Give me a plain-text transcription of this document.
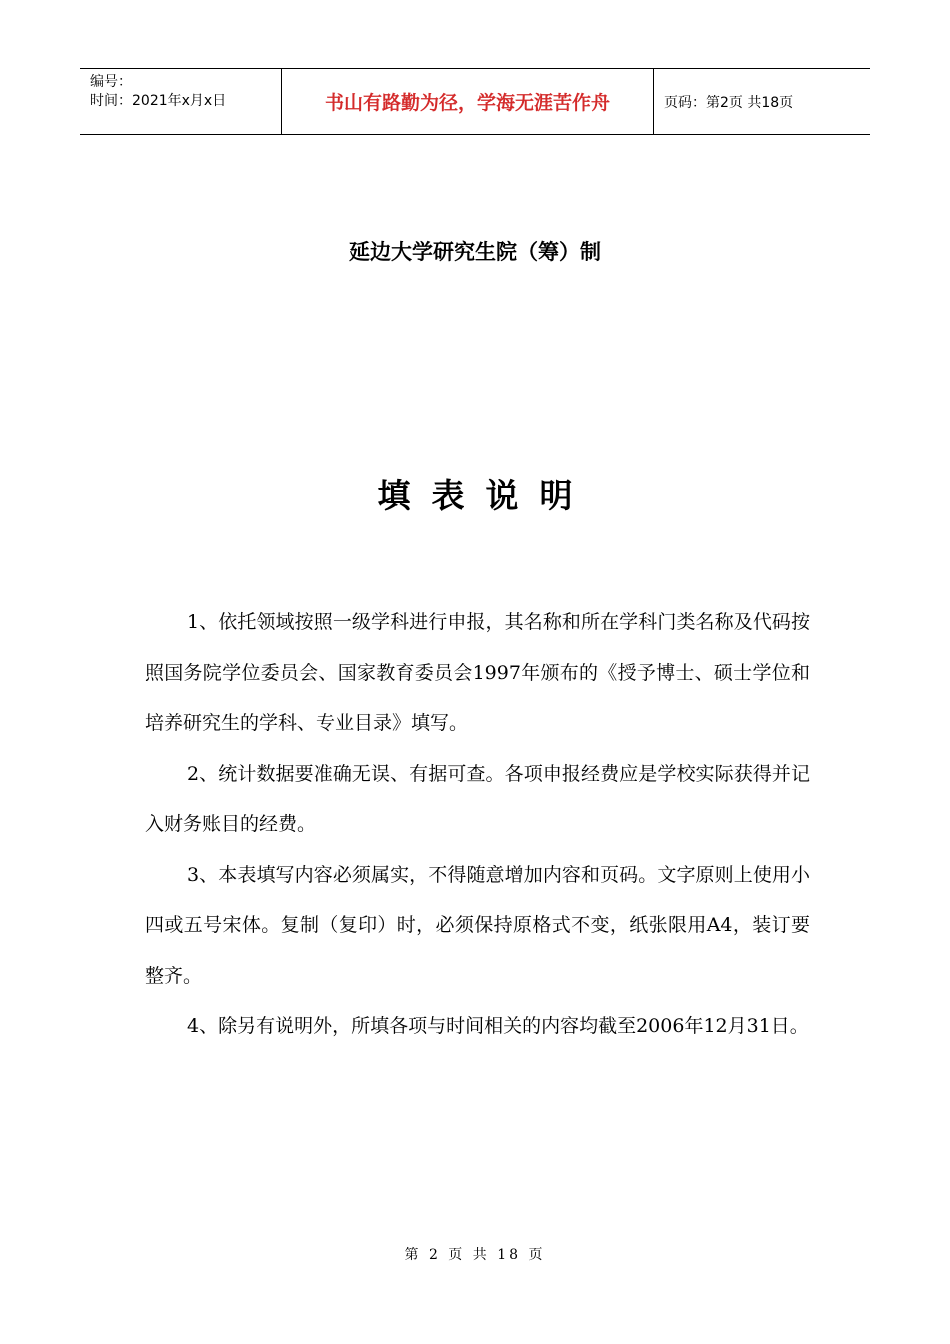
编号：
时间：2021年x月x日	书山有路勤为径，学海无涯苦作舟	页码：第2页 共18页
延边大学研究生院（筹）制
填表说明

1、依托领域按照一级学科进行申报，其名称和所在学科门类名称及代码按照国务院学位委员会、国家教育委员会1997年颁布的《授予博士、硕士学位和培养研究生的学科、专业目录》填写。

2、统计数据要准确无误、有据可查。各项申报经费应是学校实际获得并记入财务账目的经费。

3、本表填写内容必须属实，不得随意增加内容和页码。文字原则上使用小四或五号宋体。复制（复印）时，必须保持原格式不变，纸张限用A4，装订要整齐。

4、除另有说明外，所填各项与时间相关的内容均截至2006年12月31日。

第 2 页 共 18 页
